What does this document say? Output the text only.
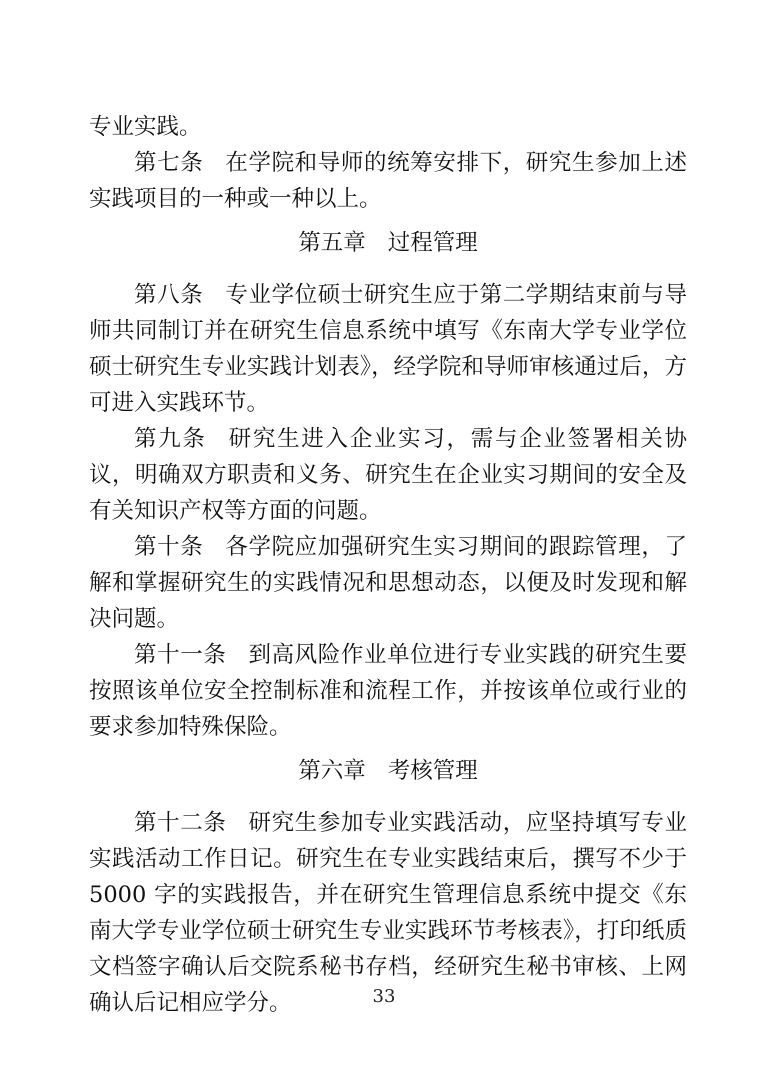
专业实践。

第七条 在学院和导师的统筹安排下，研究生参加上述实践项目的一种或一种以上。

第五章 过程管理

第八条 专业学位硕士研究生应于第二学期结束前与导师共同制订并在研究生信息系统中填写《东南大学专业学位硕士研究生专业实践计划表》，经学院和导师审核通过后，方可进入实践环节。

第九条 研究生进入企业实习，需与企业签署相关协议，明确双方职责和义务、研究生在企业实习期间的安全及有关知识产权等方面的问题。

第十条 各学院应加强研究生实习期间的跟踪管理，了解和掌握研究生的实践情况和思想动态，以便及时发现和解决问题。

第十一条 到高风险作业单位进行专业实践的研究生要按照该单位安全控制标准和流程工作，并按该单位或行业的要求参加特殊保险。

第六章 考核管理

第十二条 研究生参加专业实践活动，应坚持填写专业实践活动工作日记。研究生在专业实践结束后，撰写不少于 5000 字的实践报告，并在研究生管理信息系统中提交《东南大学专业学位硕士研究生专业实践环节考核表》，打印纸质文档签字确认后交院系秘书存档，经研究生秘书审核、上网确认后记相应学分。	33
